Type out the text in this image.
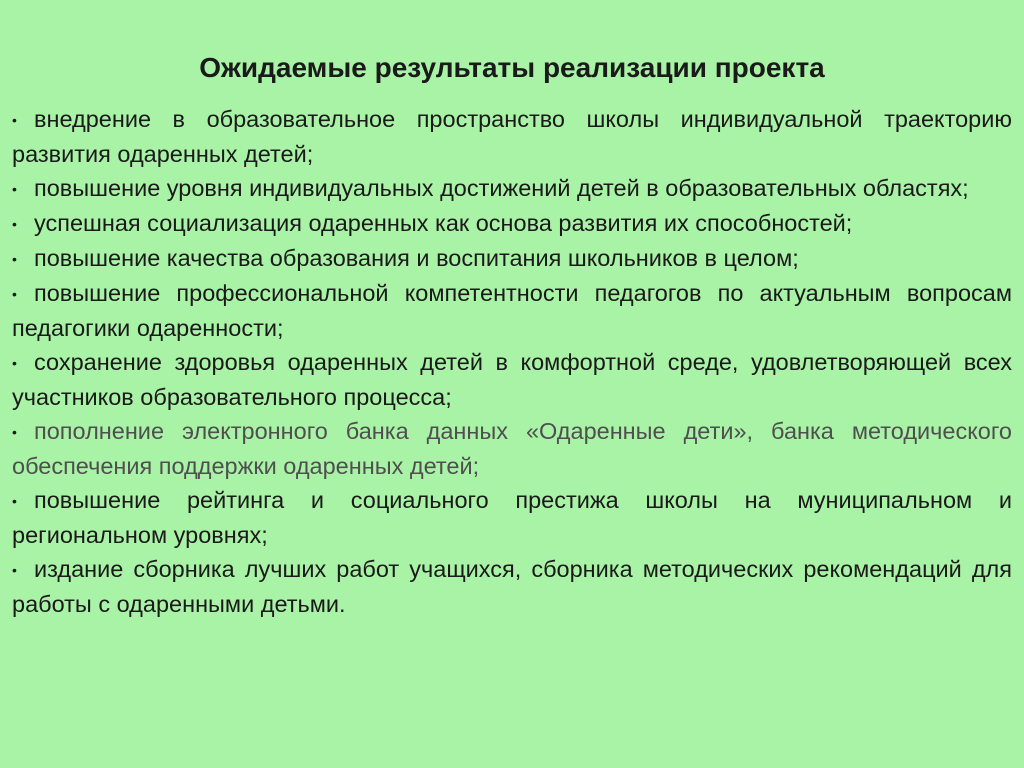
Ожидаемые результаты реализации проекта
• внедрение в образовательное пространство школы индивидуальной траекторию развития одаренных детей;
• повышение уровня индивидуальных достижений детей в образовательных областях;
• успешная социализация одаренных как основа развития их способностей;
• повышение качества образования и воспитания школьников в целом;
• повышение профессиональной компетентности педагогов по актуальным вопросам педагогики одаренности;
• сохранение здоровья одаренных детей в комфортной среде, удовлетворяющей всех участников образовательного процесса;
• пополнение электронного банка данных «Одаренные дети», банка методического обеспечения поддержки одаренных детей;
• повышение рейтинга и социального престижа школы на муниципальном и региональном уровнях;
• издание сборника лучших работ учащихся, сборника методических рекомендаций для работы с одаренными детьми.
